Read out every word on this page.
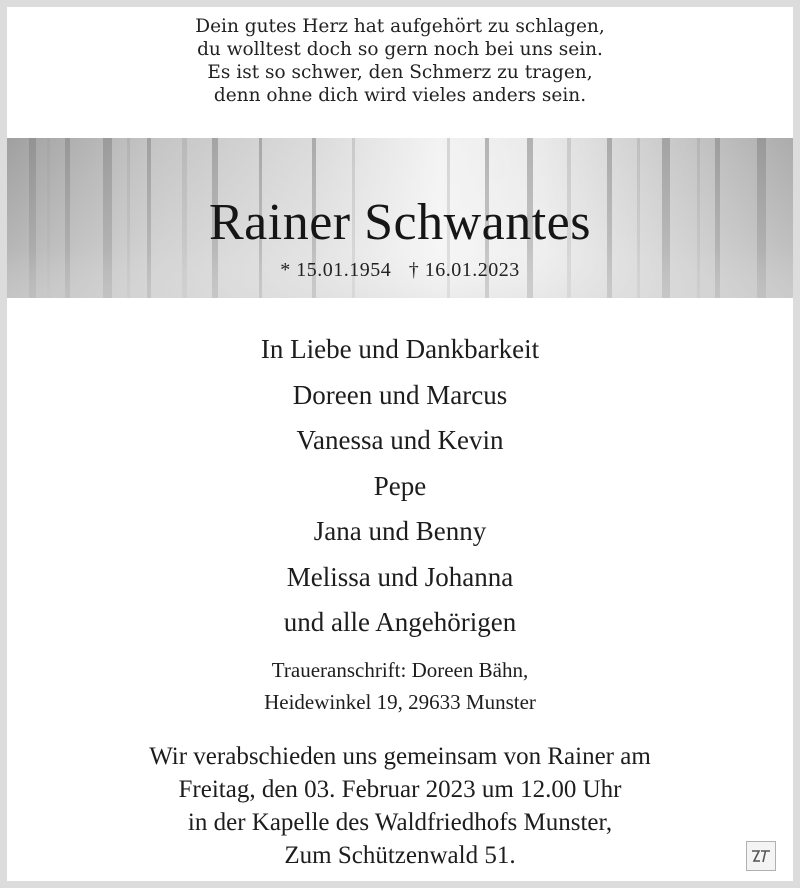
Dein gutes Herz hat aufgehört zu schlagen,
du wolltest doch so gern noch bei uns sein.
Es ist so schwer, den Schmerz zu tragen,
denn ohne dich wird vieles anders sein.
Rainer Schwantes
* 15.01.1954 † 16.01.2023
In Liebe und Dankbarkeit
Doreen und Marcus
Vanessa und Kevin
Pepe
Jana und Benny
Melissa und Johanna
und alle Angehörigen
Traueranschrift: Doreen Bähn,
Heidewinkel 19, 29633 Munster
Wir verabschieden uns gemeinsam von Rainer am
Freitag, den 03. Februar 2023 um 12.00 Uhr
in der Kapelle des Waldfriedhofs Munster,
Zum Schützenwald 51.
